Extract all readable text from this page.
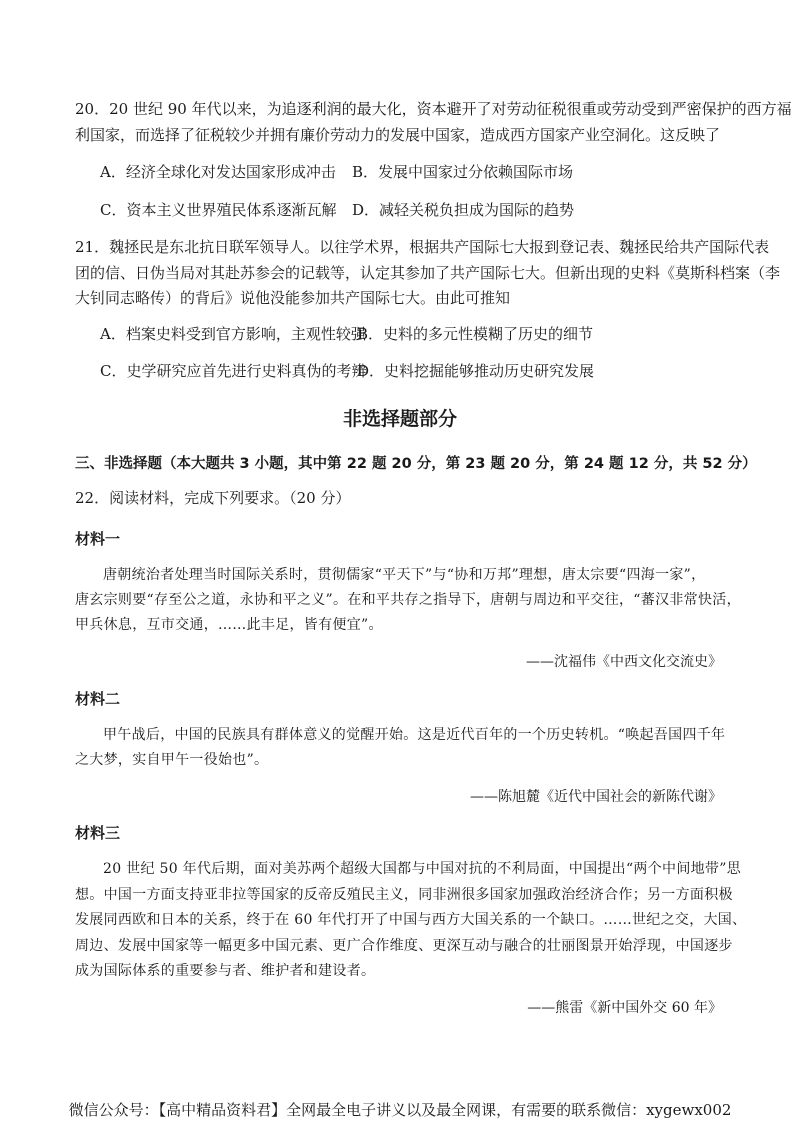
20．20 世纪 90 年代以来，为追逐利润的最大化，资本避开了对劳动征税很重或劳动受到严密保护的西方福
利国家，而选择了征税较少并拥有廉价劳动力的发展中国家，造成西方国家产业空洞化。这反映了
A．经济全球化对发达国家形成冲击 B．发展中国家过分依赖国际市场
C．资本主义世界殖民体系逐渐瓦解 D．减轻关税负担成为国际的趋势
21．魏拯民是东北抗日联军领导人。以往学术界，根据共产国际七大报到登记表、魏拯民给共产国际代表
团的信、日伪当局对其赴苏参会的记载等，认定其参加了共产国际七大。但新出现的史料《莫斯科档案（李
大钊同志略传）的背后》说他没能参加共产国际七大。由此可推知
A．档案史料受到官方影响，主观性较强
B．史料的多元性模糊了历史的细节
C．史学研究应首先进行史料真伪的考辨
D．史料挖掘能够推动历史研究发展
非选择题部分
三、非选择题（本大题共 3 小题，其中第 22 题 20 分，第 23 题 20 分，第 24 题 12 分，共 52 分）
22．阅读材料，完成下列要求。（20 分）
材料一
唐朝统治者处理当时国际关系时，贯彻儒家“平天下”与“协和万邦”理想，唐太宗要“四海一家”，
唐玄宗则要“存至公之道，永协和平之义”。在和平共存之指导下，唐朝与周边和平交往，“蕃汉非常快活，
甲兵休息，互市交通，……此丰足，皆有便宜”。
——沈福伟《中西文化交流史》
材料二
甲午战后，中国的民族具有群体意义的觉醒开始。这是近代百年的一个历史转机。“唤起吾国四千年
之大梦，实自甲午一役始也”。
——陈旭麓《近代中国社会的新陈代谢》
材料三
20 世纪 50 年代后期，面对美苏两个超级大国都与中国对抗的不利局面，中国提出“两个中间地带”思
想。中国一方面支持亚非拉等国家的反帝反殖民主义，同非洲很多国家加强政治经济合作；另一方面积极
发展同西欧和日本的关系，终于在 60 年代打开了中国与西方大国关系的一个缺口。……世纪之交，大国、
周边、发展中国家等一幅更多中国元素、更广合作维度、更深互动与融合的壮丽图景开始浮现，中国逐步
成为国际体系的重要参与者、维护者和建设者。
——熊雷《新中国外交 60 年》
微信公众号：【高中精品资料君】全网最全电子讲义以及最全网课，有需要的联系微信：xygewx002
